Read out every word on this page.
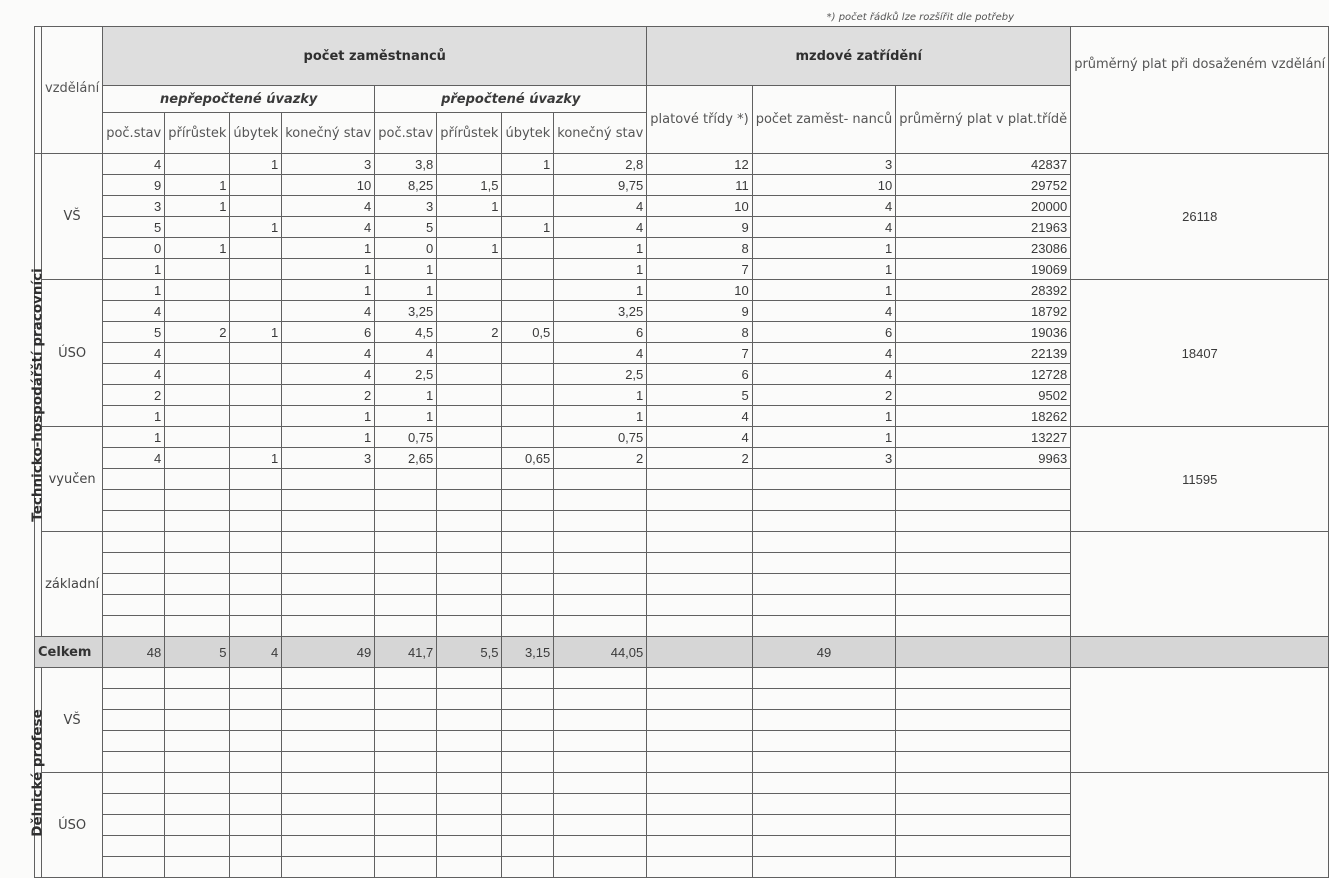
*) počet řádků lze rozšířit dle potřeby
	vzdělání	počet zaměstnanců								mzdové zatřídění			průměrný plat při dosaženém vzdělání
		nepřepočtené úvazky				přepočtené úvazky				platové třídy *)	počet zaměst- nanců	průměrný plat v plat.třídě	
		poč.stav	přírůstek	úbytek	konečný stav	poč.stav	přírůstek	úbytek	konečný stav				

Technicko-hospodářští pracovníci	VŠ	4		1	3	3,8		1	2,8	12	3	42837	26118
		9	1		10	8,25	1,5		9,75	11	10	29752	
		3	1		4	3	1		4	10	4	20000	
		5		1	4	5		1	4	9	4	21963	
		0	1		1	0	1		1	8	1	23086	
		1			1	1			1	7	1	19069	
	ÚSO	1			1	1			1	10	1	28392	18407
		4			4	3,25			3,25	9	4	18792	
		5	2	1	6	4,5	2	0,5	6	8	6	19036	
		4			4	4			4	7	4	22139	
		4			4	2,5			2,5	6	4	12728	
		2			2	1			1	5	2	9502	
		1			1	1			1	4	1	18262	
	vyučen	1			1	0,75			0,75	4	1	13227	11595
		4		1	3	2,65		0,65	2	2	3	9963	

	základní												

Celkem		48	5	4	49	41,7	5,5	3,15	44,05		49		

Dělnické profese	VŠ												

	ÚSO												
